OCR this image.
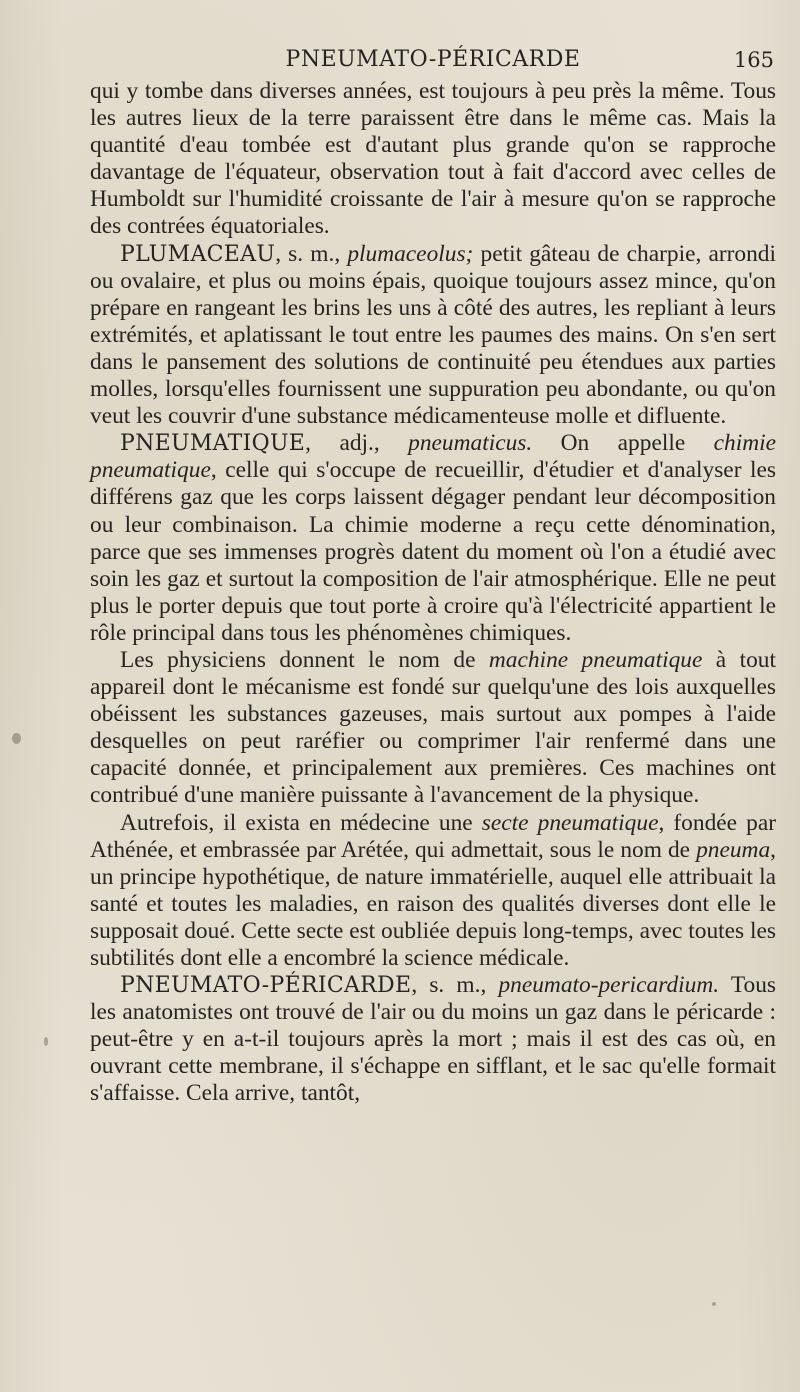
PNEUMATO-PÉRICARDE	165

qui y tombe dans diverses années, est toujours à peu près la même. Tous les autres lieux de la terre paraissent être dans le même cas. Mais la quantité d'eau tombée est d'autant plus grande qu'on se rapproche davantage de l'équateur, observation tout à fait d'accord avec celles de Humboldt sur l'humidité croissante de l'air à mesure qu'on se rapproche des contrées équatoriales.

PLUMACEAU, s. m., plumaceolus; petit gâteau de charpie, arrondi ou ovalaire, et plus ou moins épais, quoique toujours assez mince, qu'on prépare en rangeant les brins les uns à côté des autres, les repliant à leurs extrémités, et aplatissant le tout entre les paumes des mains. On s'en sert dans le pansement des solutions de continuité peu étendues aux parties molles, lorsqu'elles fournissent une suppuration peu abondante, ou qu'on veut les couvrir d'une substance médicamenteuse molle et difluente.

PNEUMATIQUE, adj., pneumaticus. On appelle chimie pneumatique, celle qui s'occupe de recueillir, d'étudier et d'analyser les différens gaz que les corps laissent dégager pendant leur décomposition ou leur combinaison. La chimie moderne a reçu cette dénomination, parce que ses immenses progrès datent du moment où l'on a étudié avec soin les gaz et surtout la composition de l'air atmosphérique. Elle ne peut plus le porter depuis que tout porte à croire qu'à l'électricité appartient le rôle principal dans tous les phénomènes chimiques.

Les physiciens donnent le nom de machine pneumatique à tout appareil dont le mécanisme est fondé sur quelqu'une des lois auxquelles obéissent les substances gazeuses, mais surtout aux pompes à l'aide desquelles on peut raréfier ou comprimer l'air renfermé dans une capacité donnée, et principalement aux premières. Ces machines ont contribué d'une manière puissante à l'avancement de la physique.

Autrefois, il exista en médecine une secte pneumatique, fondée par Athénée, et embrassée par Arétée, qui admettait, sous le nom de pneuma, un principe hypothétique, de nature immatérielle, auquel elle attribuait la santé et toutes les maladies, en raison des qualités diverses dont elle le supposait doué. Cette secte est oubliée depuis long-temps, avec toutes les subtilités dont elle a encombré la science médicale.

PNEUMATO-PÉRICARDE, s. m., pneumato-pericardium. Tous les anatomistes ont trouvé de l'air ou du moins un gaz dans le péricarde : peut-être y en a-t-il toujours après la mort ; mais il est des cas où, en ouvrant cette membrane, il s'échappe en sifflant, et le sac qu'elle formait s'affaisse. Cela arrive, tantôt,
